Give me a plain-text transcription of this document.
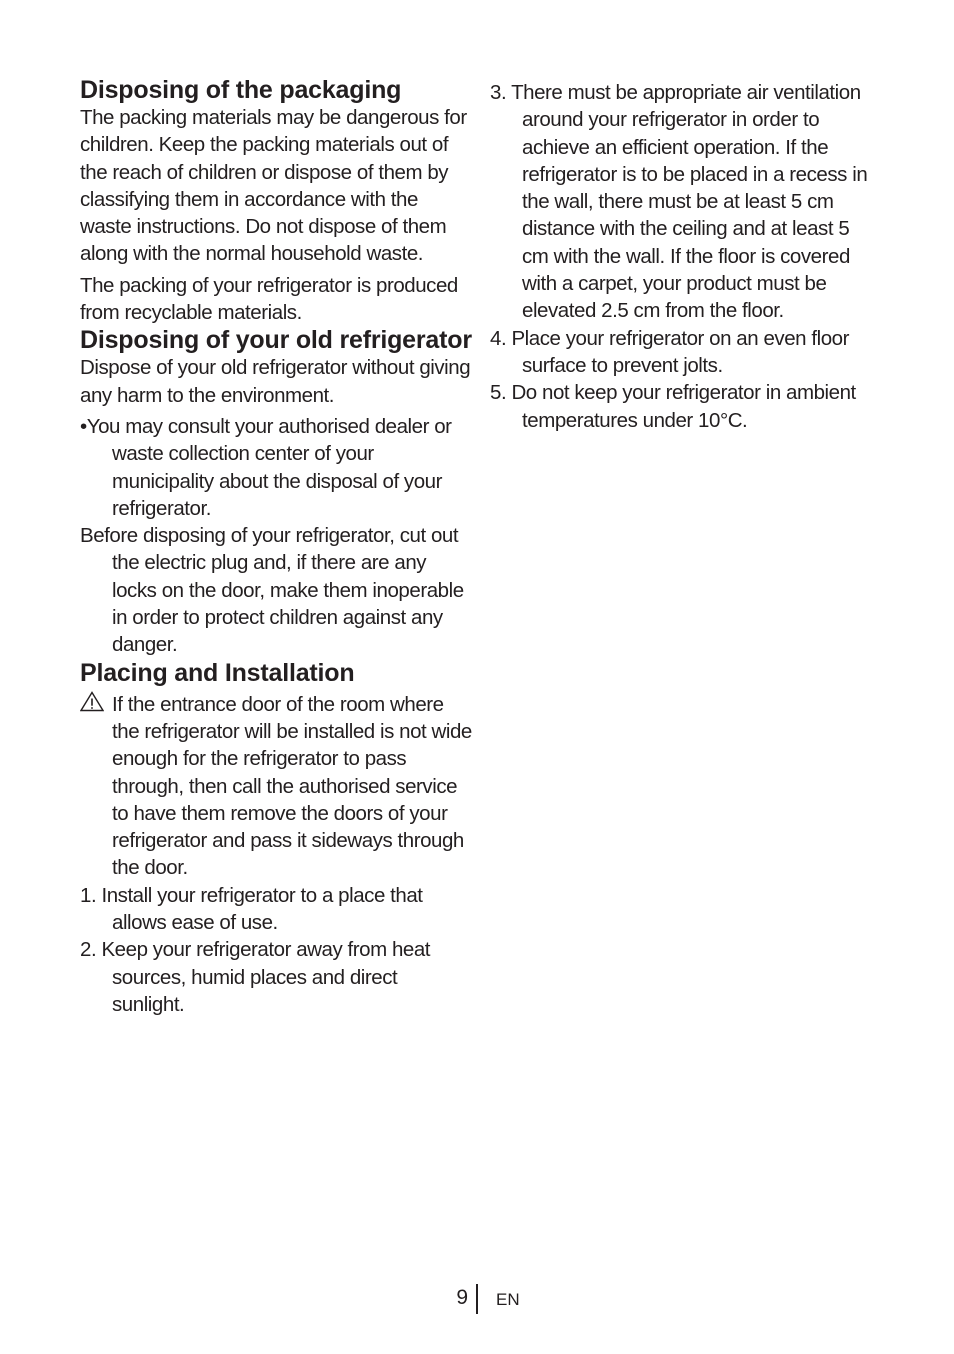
Disposing of the packaging

The packing materials may be dangerous for children. Keep the packing materials out of the reach of children or dispose of them by classifying them in accordance with the waste instructions. Do not dispose of them along with the normal household waste.

The packing of your refrigerator is produced from recyclable materials.

Disposing of your old refrigerator

Dispose of your old refrigerator without giving any harm to the environment.

•You may consult your authorised dealer or waste collection center of your municipality about the disposal of your refrigerator.

Before disposing of your refrigerator, cut out the electric plug and, if there are any locks on the door, make them inoperable in order to protect children against any danger.

Placing and Installation

If the entrance door of the room where the refrigerator will be installed is not wide enough for the refrigerator to pass through, then call the authorised service to have them remove the doors of your refrigerator and pass it sideways through the door.

1. Install your refrigerator to a place that allows ease of use.

2. Keep your refrigerator away from heat sources, humid places and direct sunlight.

3. There must be appropriate air ventilation around your refrigerator in order to achieve an efficient operation. If the refrigerator is to be placed in a recess in the wall, there must be at least 5 cm distance with the ceiling and at least 5 cm with the wall. If the floor is covered with a carpet, your product must be elevated 2.5 cm from the floor.

4. Place your refrigerator on an even floor surface to prevent jolts.

5. Do not keep your refrigerator in ambient temperatures under 10°C.

9 EN
